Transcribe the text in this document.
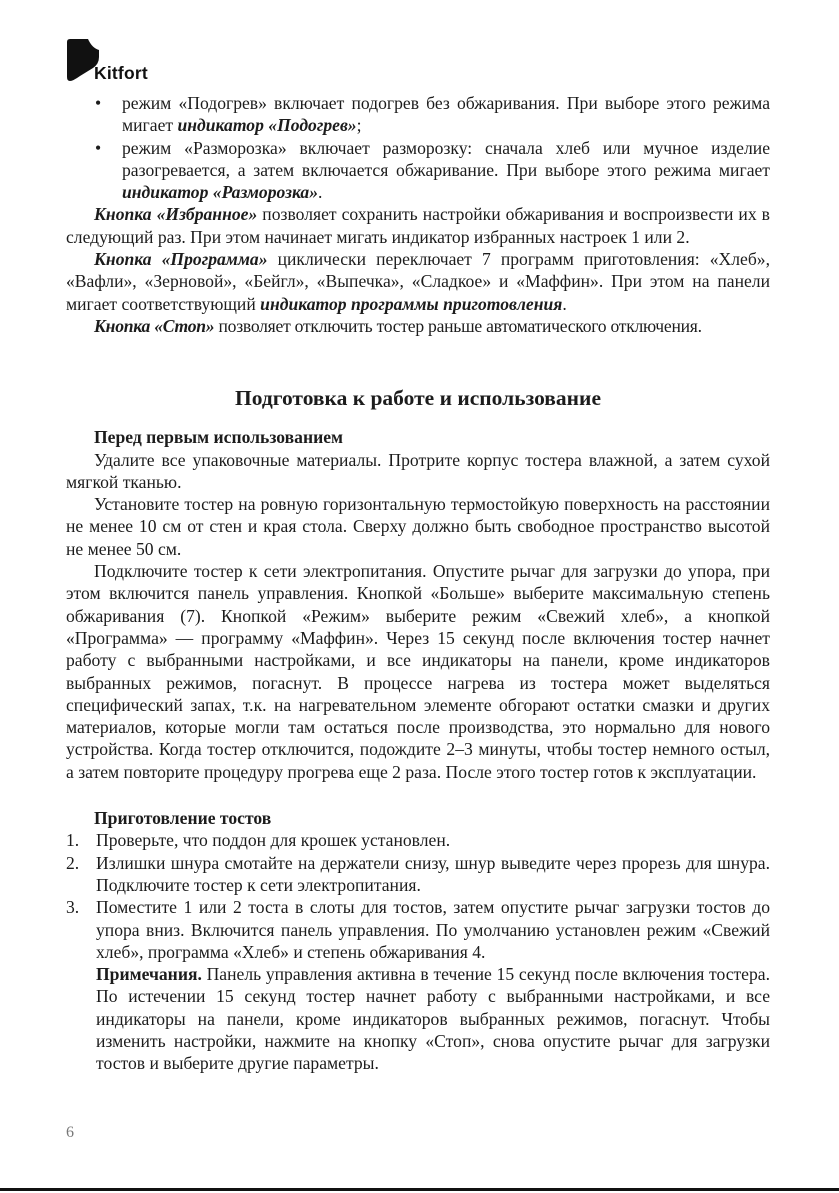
Kitfort
• режим «Подогрев» включает подогрев без обжаривания. При выборе этого режима мигает индикатор «Подогрев»;
• режим «Разморозка» включает разморозку: сначала хлеб или мучное изделие разогревается, а затем включается обжаривание. При выборе этого режима мигает индикатор «Разморозка».

Кнопка «Избранное» позволяет сохранить настройки обжаривания и воспроизвести их в следующий раз. При этом начинает мигать индикатор избранных настроек 1 или 2.

Кнопка «Программа» циклически переключает 7 программ приготовления: «Хлеб», «Вафли», «Зерновой», «Бейгл», «Выпечка», «Сладкое» и «Маффин». При этом на панели мигает соответствующий индикатор программы приготовления.

Кнопка «Стоп» позволяет отключить тостер раньше автоматического отключения.

Подготовка к работе и использование
Перед первым использованием

Удалите все упаковочные материалы. Протрите корпус тостера влажной, а затем сухой мягкой тканью.

Установите тостер на ровную горизонтальную термостойкую поверхность на расстоянии не менее 10 см от стен и края стола. Сверху должно быть свободное пространство высотой не менее 50 см.

Подключите тостер к сети электропитания. Опустите рычаг для загрузки до упора, при этом включится панель управления. Кнопкой «Больше» выберите максимальную степень обжаривания (7). Кнопкой «Режим» выберите режим «Свежий хлеб», а кнопкой «Программа» — программу «Маффин». Через 15 секунд после включения тостер начнет работу с выбранными настройками, и все индикаторы на панели, кроме индикаторов выбранных режимов, погаснут. В процессе нагрева из тостера может выделяться специфический запах, т.к. на нагревательном элементе обгорают остатки смазки и других материалов, которые могли там остаться после производства, это нормально для нового устройства. Когда тостер отключится, подождите 2–3 минуты, чтобы тостер немного остыл, а затем повторите процедуру прогрева еще 2 раза. После этого тостер готов к эксплуатации.

Приготовление тостов
1. Проверьте, что поддон для крошек установлен.
2. Излишки шнура смотайте на держатели снизу, шнур выведите через прорезь для шнура. Подключите тостер к сети электропитания.
3. Поместите 1 или 2 тоста в слоты для тостов, затем опустите рычаг загрузки тостов до упора вниз. Включится панель управления. По умолчанию установлен режим «Свежий хлеб», программа «Хлеб» и степень обжаривания 4.

Примечания. Панель управления активна в течение 15 секунд после включения тостера. По истечении 15 секунд тостер начнет работу с выбранными настройками, и все индикаторы на панели, кроме индикаторов выбранных режимов, погаснут. Чтобы изменить настройки, нажмите на кнопку «Стоп», снова опустите рычаг для загрузки тостов и выберите другие параметры.

6
